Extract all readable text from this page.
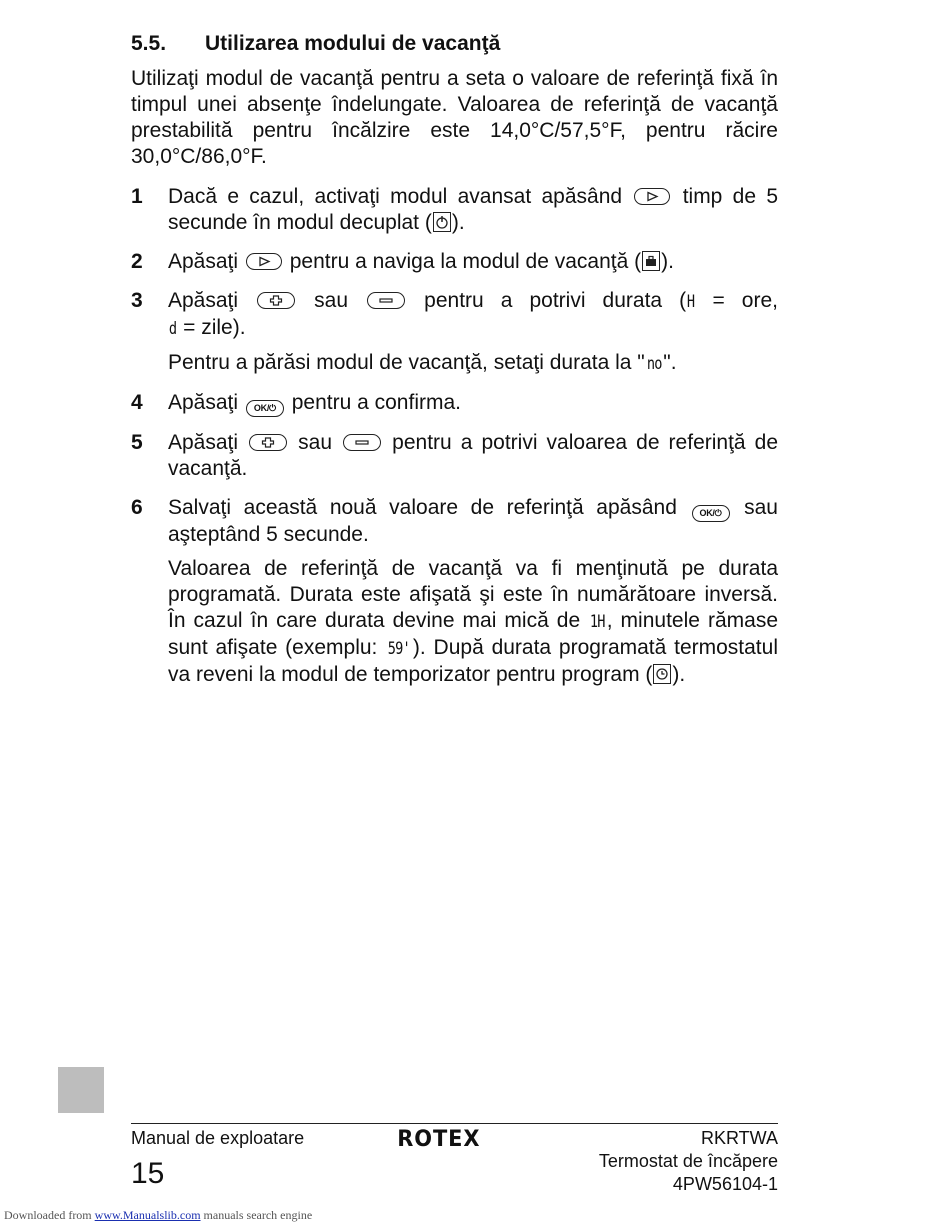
5.5.	Utilizarea modului de vacanţă

Utilizaţi modul de vacanţă pentru a seta o valoare de referinţă fixă în timpul unei absenţe îndelungate. Valoarea de referinţă de vacanţă prestabilită pentru încălzire este 14,0°C/57,5°F, pentru răcire 30,0°C/86,0°F.

1	Dacă e cazul, activaţi modul avansat apăsând	timp de 5 secunde în modul decuplat ( ).

2	Apăsaţi pentru a naviga la modul de vacanţă ( ).

3	Apăsaţi	sau	pentru a potrivi durata (H = ore,

d = zile).

Pentru a părăsi modul de vacanţă, setaţi durata la " no".

4	Apăsaţi OK/⏻ pentru a confirma.

5	Apăsaţi	sau	pentru a potrivi valoarea de referinţă de vacanţă.

6	Salvaţi această nouă valoare de referinţă apăsând	OK/⏻ sau aşteptând 5 secunde.

Valoarea de referinţă de vacanţă va fi menţinută pe durata programată. Durata este afişată şi este în numărătoare inversă. În cazul în care durata devine mai mică de 1H, minutele rămase sunt afişate (exemplu: 59' ). După durata programată termostatul va reveni la modul de temporizator pentru program ( ).

Manual de exploatare
15
ROTEX	RKRTWA
Termostat de încăpere
4PW56104-1
Downloaded from www.Manualslib.com manuals search engine
